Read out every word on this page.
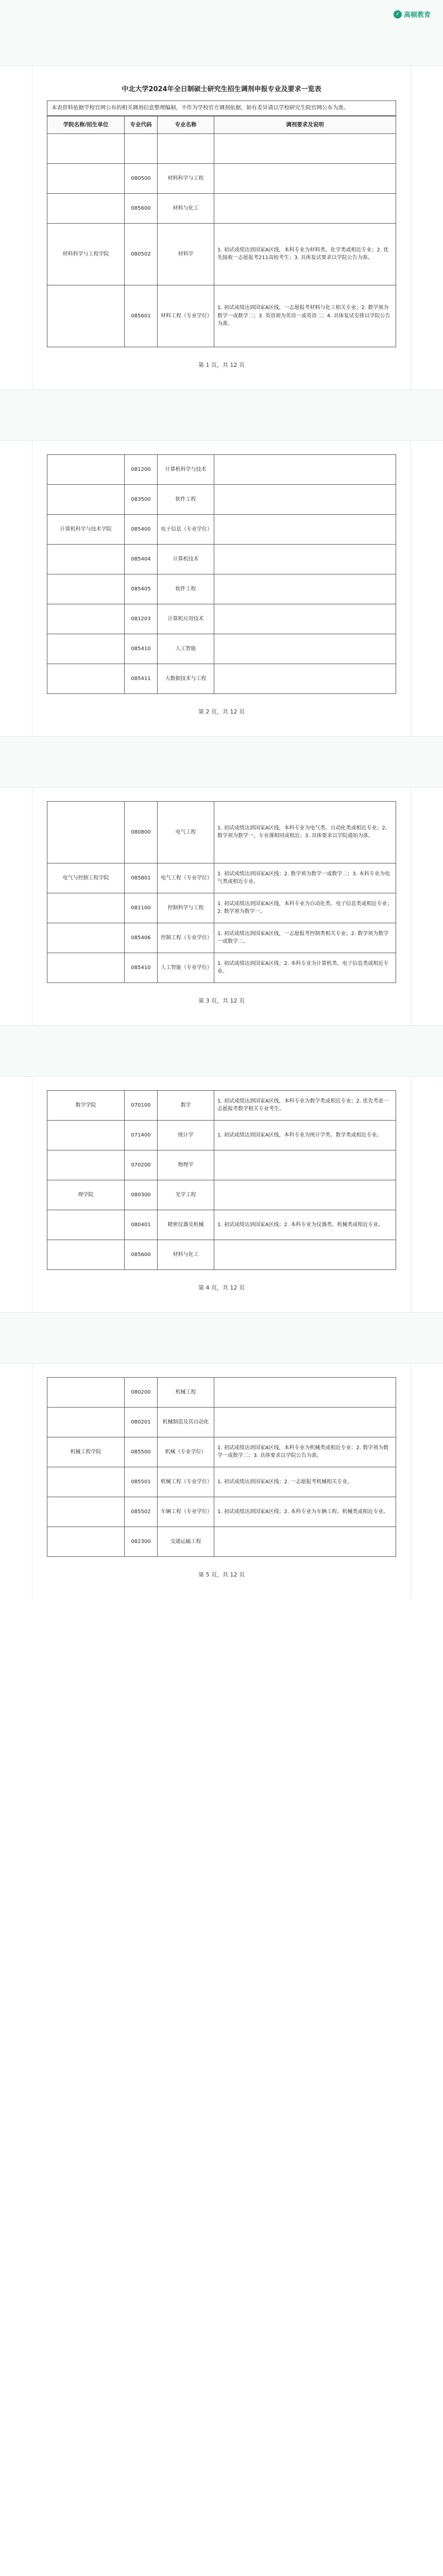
✓ 高顿教育
中北大学2024年全日制硕士研究生招生调剂申报专业及要求一览表
本表资料依据学校官网公布的相关调剂信息整理编制，不作为学校官方调剂依据，如有差异请以学校研究生院官网公布为准。
学院名称/招生单位	专业代码	专业名称	调剂要求及说明

	080500	材料科学与工程	
	085600	材料与化工	
材料科学与工程学院	080502	材料学	1. 初试成绩达到国家A区线，本科专业为材料类、化学类或相近专业；2. 优先接收一志愿报考211高校考生；3. 具体复试要求以学院公告为准。
	085601	材料工程（专业学位）	1. 初试成绩达到国家A区线，一志愿报考材料与化工相关专业；2. 数学须为数学一或数学二；3. 英语须为英语一或英语二；4. 具体复试安排以学院公告为准。
第 1 页，共 12 页
	081200	计算机科学与技术	
	083500	软件工程	
计算机科学与技术学院	085400	电子信息（专业学位）	
	085404	计算机技术	
	085405	软件工程	
	081203	计算机应用技术	
	085410	人工智能	
	085411	大数据技术与工程	
第 2 页，共 12 页
	080800	电气工程	1. 初试成绩达到国家A区线，本科专业为电气类、自动化类或相近专业；2. 数学须为数学一，专业课相同或相近；3. 具体要求以学院通知为准。
电气与控制工程学院	085801	电气工程（专业学位）	1. 初试成绩达到国家A区线；2. 数学须为数学一或数学二；3. 本科专业为电气类或相近专业。
	081100	控制科学与工程	1. 初试成绩达到国家A区线，本科专业为自动化类、电子信息类或相近专业；2. 数学须为数学一。
	085406	控制工程（专业学位）	1. 初试成绩达到国家A区线，一志愿报考控制类相关专业；2. 数学须为数学一或数学二。
	085410	人工智能（专业学位）	1. 初试成绩达到国家A区线；2. 本科专业为计算机类、电子信息类或相近专业。
第 3 页，共 12 页
数学学院	070100	数学	1. 初试成绩达到国家A区线，本科专业为数学类或相近专业；2. 优先考虑一志愿报考数学相关专业考生。
	071400	统计学	1. 初试成绩达到国家A区线，本科专业为统计学类、数学类或相近专业。
	070200	物理学	
理学院	080300	光学工程	
	080401	精密仪器及机械	1. 初试成绩达到国家A区线；2. 本科专业为仪器类、机械类或相近专业。
	085600	材料与化工	
第 4 页，共 12 页
	080200	机械工程	
	080201	机械制造及其自动化	
机械工程学院	085500	机械（专业学位）	1. 初试成绩达到国家A区线，本科专业为机械类或相近专业；2. 数学须为数学一或数学二；3. 具体要求以学院公告为准。
	085501	机械工程（专业学位）	1. 初试成绩达到国家A区线；2. 一志愿报考机械相关专业。
	085502	车辆工程（专业学位）	1. 初试成绩达到国家A区线；2. 本科专业为车辆工程、机械类或相近专业。
	082300	交通运输工程	
第 5 页，共 12 页
